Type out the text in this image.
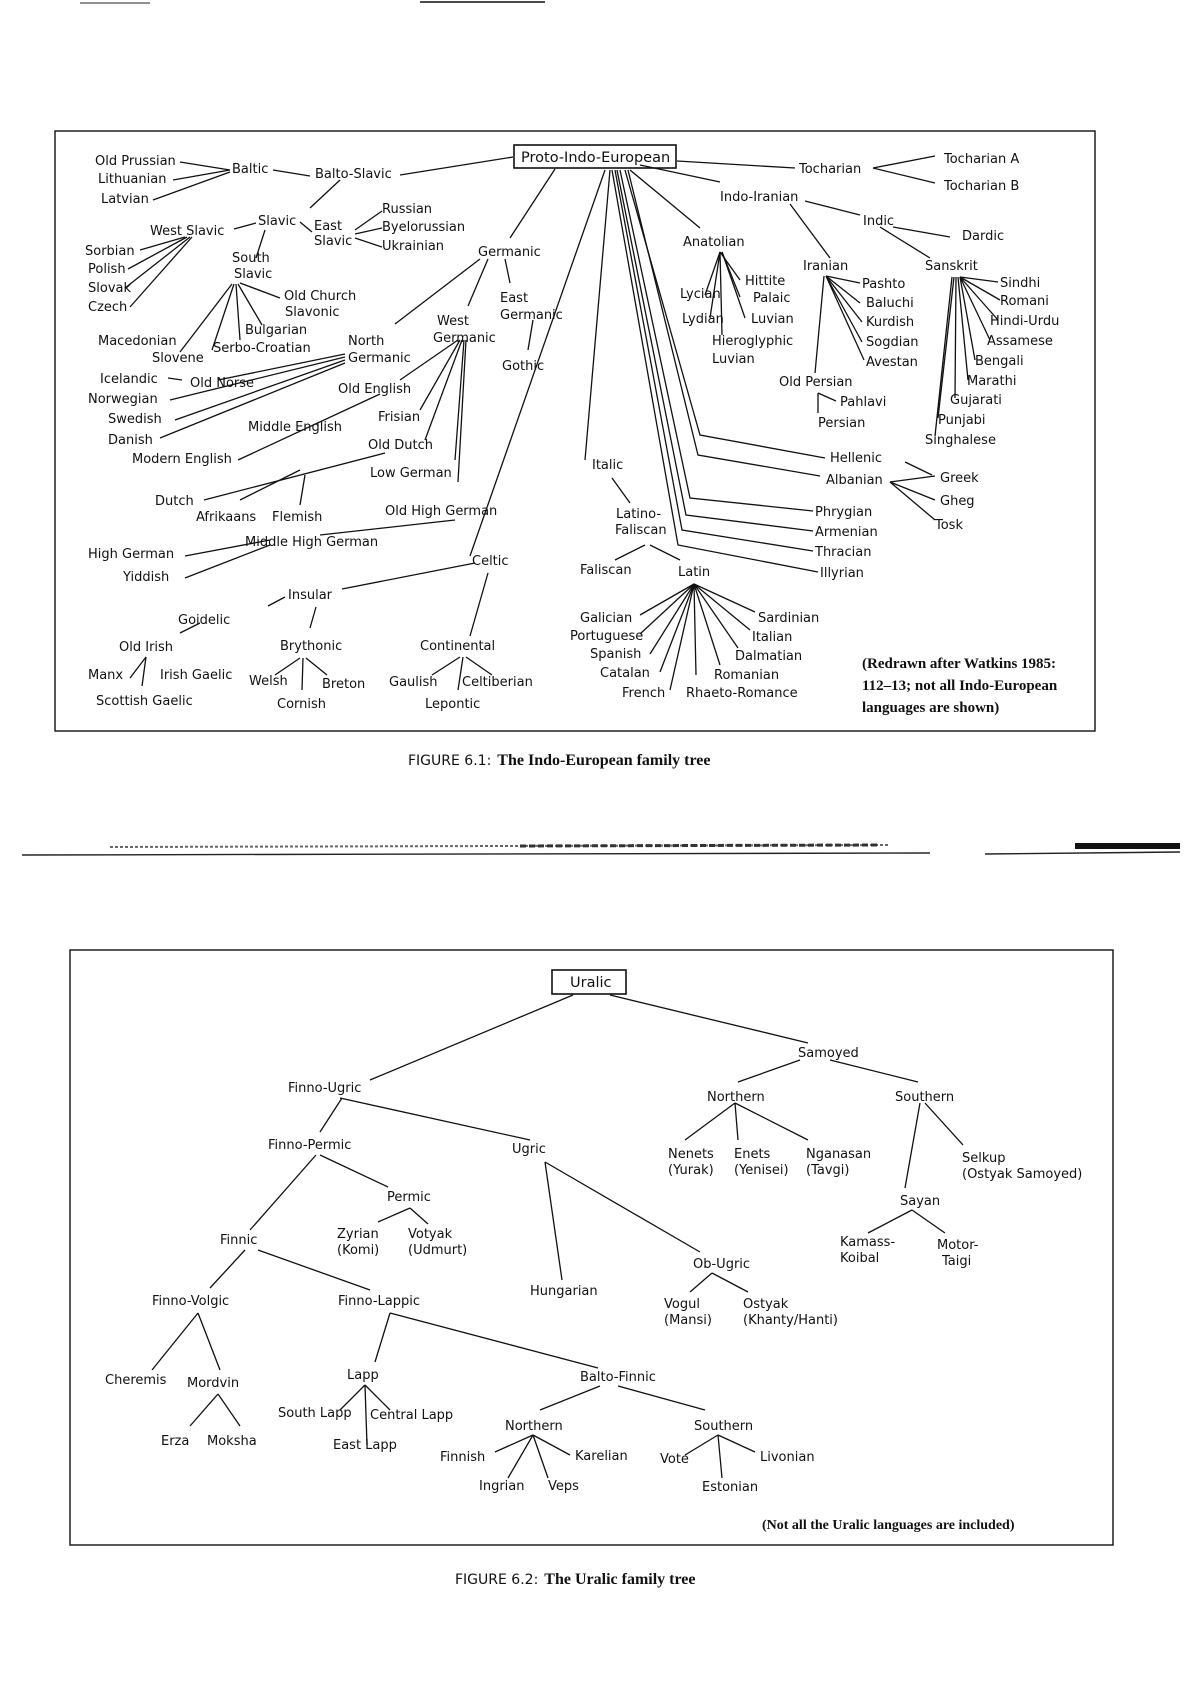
Proto-Indo-European
Old Prussian
Lithuanian
Latvian
Baltic	Balto-Slavic
Slavic
West Slavic
Sorbian
Polish
Slovak
Czech
East
Slavic
Russian
Byelorussian
Ukrainian
South
Slavic
Old Church
Slavonic
Bulgarian
Serbo-Croatian
Macedonian
Slovene
Germanic
North
Germanic
West
Germanic
East
Germanic
Gothic
Icelandic Old Norse
Norwegian
Swedish
Danish
Old English
Middle English
Modern English
Frisian
Old Dutch
Low German
Dutch
Afrikaans Flemish	Old High German
Middle High German
High German
Yiddish
Celtic
Insular
Goidelic
Old Irish
Manx	Irish Gaelic
Scottish Gaelic
Brythonic
Welsh	Breton
Cornish
Continental
Gaulish Celtiberian
Lepontic
Italic
Latino-
Faliscan
Faliscan	Latin
Galician
Portuguese
Spanish
Catalan
French Rhaeto-Romance
Romanian
Dalmatian
Italian
Sardinian
Tocharian
Tocharian A
Tocharian B
Indo-Iranian
Indic
Dardic
Sanskrit
Sindhi
Romani
Hindi-Urdu
Assamese
Bengali
Marathi
Gujarati
Punjabi
Singhalese
Iranian
Pashto
Baluchi
Kurdish
Sogdian
Avestan
Old Persian
Pahlavi
Persian
Anatolian
Lycian
Lydian
Hittite
Palaic
Luvian
Hieroglyphic
Luvian
Hellenic
Greek
Albanian
Gheg
Tosk
Phrygian
Armenian
Thracian
Illyrian
(Redrawn after Watkins 1985:
112–13; not all Indo-European
languages are shown)
FIGURE 6.1: The Indo-European family tree
Uralic
Finno-Ugric
Finno-Permic	Ugric
Permic
Zyrian
(Komi)
Votyak
(Udmurt)
Finnic
Finno-Volgic	Finno-Lappic
Cheremis Mordvin
Erza Moksha
Lapp
South Lapp Central Lapp
East Lapp
Balto-Finnic
Northern	Southern
Finnish	Karelian
Ingrian Veps
Vote	Livonian
Estonian
Hungarian
Ob-Ugric
Vogul
(Mansi)
Ostyak
(Khanty/Hanti)
Samoyed
Northern	Southern
Nenets
(Yurak)
Enets
(Yenisei)
Nganasan
(Tavgi)
Selkup
(Ostyak Samoyed)
Sayan
Kamass-
Koibal
Motor-
Taigi
(Not all the Uralic languages are included)
FIGURE 6.2: The Uralic family tree
